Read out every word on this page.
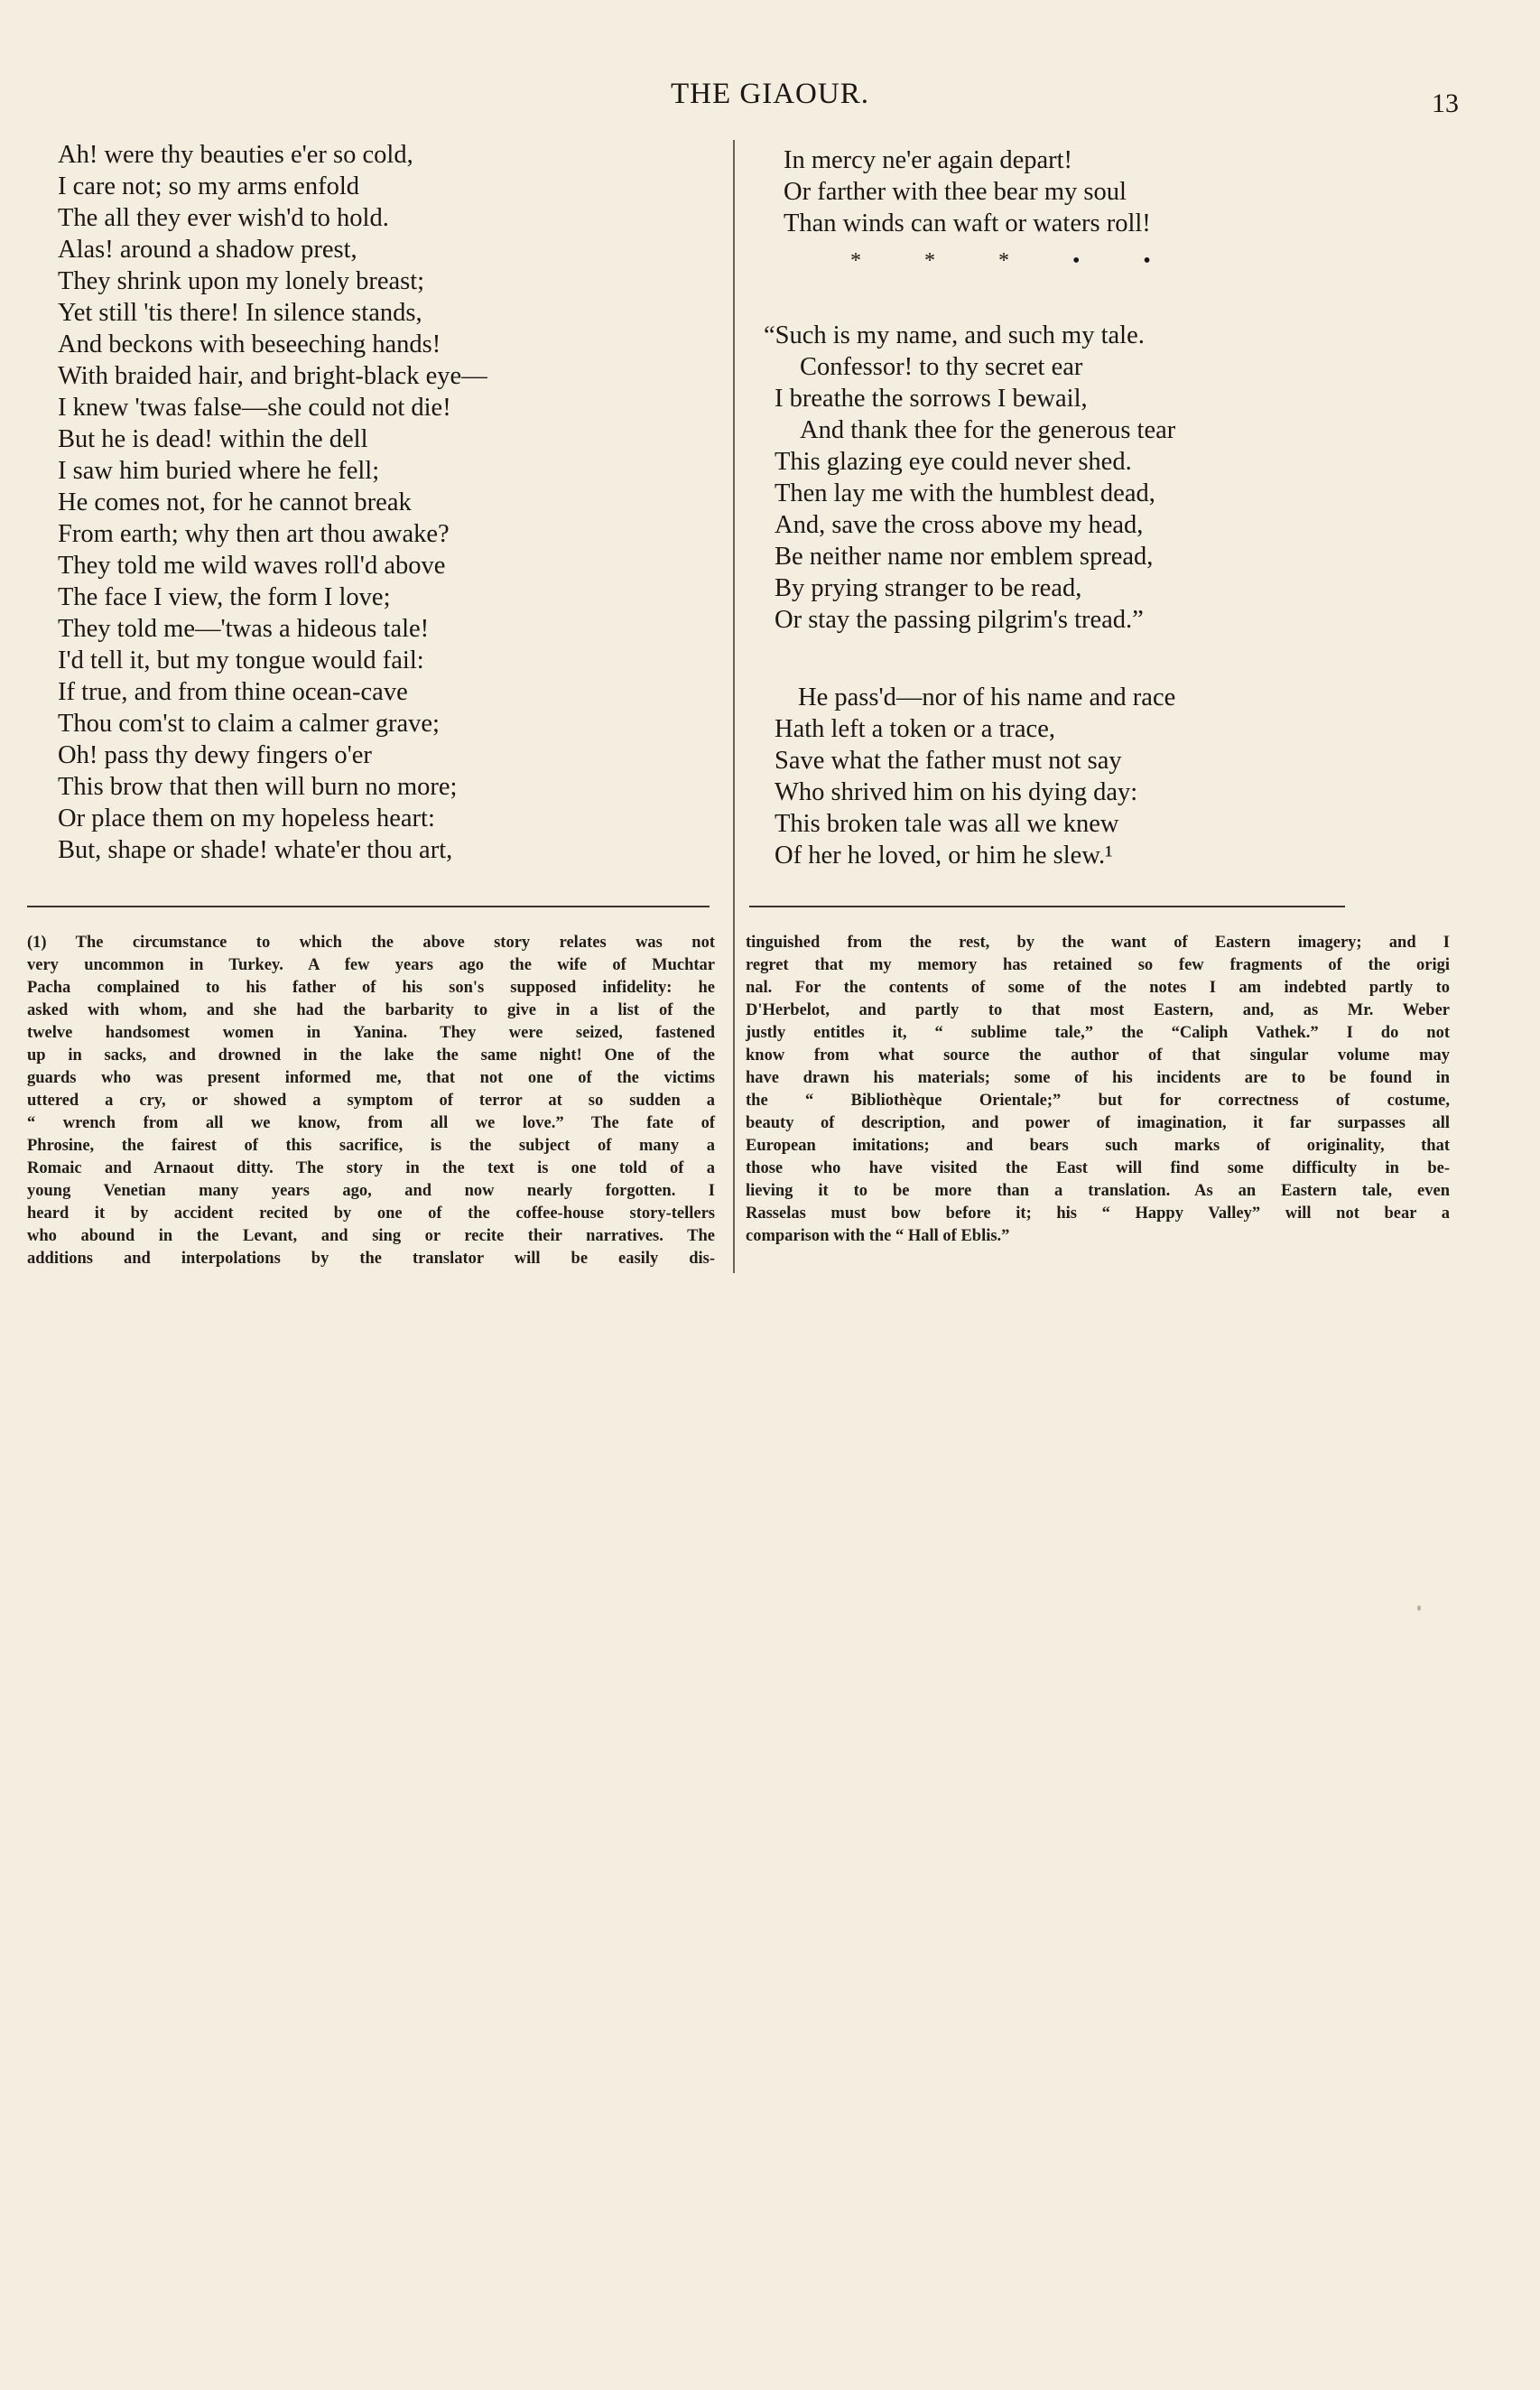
THE GIAOUR.	13
Ah! were thy beauties e'er so cold,
I care not; so my arms enfold
The all they ever wish'd to hold.
Alas! around a shadow prest,
They shrink upon my lonely breast;
Yet still 'tis there! In silence stands,
And beckons with beseeching hands!
With braided hair, and bright-black eye—
I knew 'twas false—she could not die!
But he is dead! within the dell
I saw him buried where he fell;
He comes not, for he cannot break
From earth; why then art thou awake?
They told me wild waves roll'd above
The face I view, the form I love;
They told me—'twas a hideous tale!
I'd tell it, but my tongue would fail:
If true, and from thine ocean-cave
Thou com'st to claim a calmer grave;
Oh! pass thy dewy fingers o'er
This brow that then will burn no more;
Or place them on my hopeless heart:
But, shape or shade! whate'er thou art,
In mercy ne'er again depart!
Or farther with thee bear my soul
Than winds can waft or waters roll!
* * * • •
“Such is my name, and such my tale.
Confessor! to thy secret ear
I breathe the sorrows I bewail,
And thank thee for the generous tear
This glazing eye could never shed.
Then lay me with the humblest dead,
And, save the cross above my head,
Be neither name nor emblem spread,
By prying stranger to be read,
Or stay the passing pilgrim's tread.”
He pass'd—nor of his name and race
Hath left a token or a trace,
Save what the father must not say
Who shrived him on his dying day:
This broken tale was all we knew
Of her he loved, or him he slew.¹
(1) The circumstance to which the above story relates was not
very uncommon in Turkey. A few years ago the wife of Muchtar
Pacha complained to his father of his son's supposed infidelity: he
asked with whom, and she had the barbarity to give in a list of the
twelve handsomest women in Yanina. They were seized, fastened
up in sacks, and drowned in the lake the same night! One of the
guards who was present informed me, that not one of the victims
uttered a cry, or showed a symptom of terror at so sudden a
“ wrench from all we know, from all we love.” The fate of
Phrosine, the fairest of this sacrifice, is the subject of many a
Romaic and Arnaout ditty. The story in the text is one told of a
young Venetian many years ago, and now nearly forgotten. I
heard it by accident recited by one of the coffee-house story-tellers
who abound in the Levant, and sing or recite their narratives. The
additions and interpolations by the translator will be easily dis-
tinguished from the rest, by the want of Eastern imagery; and I
regret that my memory has retained so few fragments of the origi
nal. For the contents of some of the notes I am indebted partly to
D'Herbelot, and partly to that most Eastern, and, as Mr. Weber
justly entitles it, “ sublime tale,” the “Caliph Vathek.” I do not
know from what source the author of that singular volume may
have drawn his materials; some of his incidents are to be found in
the “ Bibliothèque Orientale;” but for correctness of costume,
beauty of description, and power of imagination, it far surpasses all
European imitations; and bears such marks of originality, that
those who have visited the East will find some difficulty in be-
lieving it to be more than a translation. As an Eastern tale, even
Rasselas must bow before it; his “ Happy Valley” will not bear a
comparison with the “ Hall of Eblis.”
